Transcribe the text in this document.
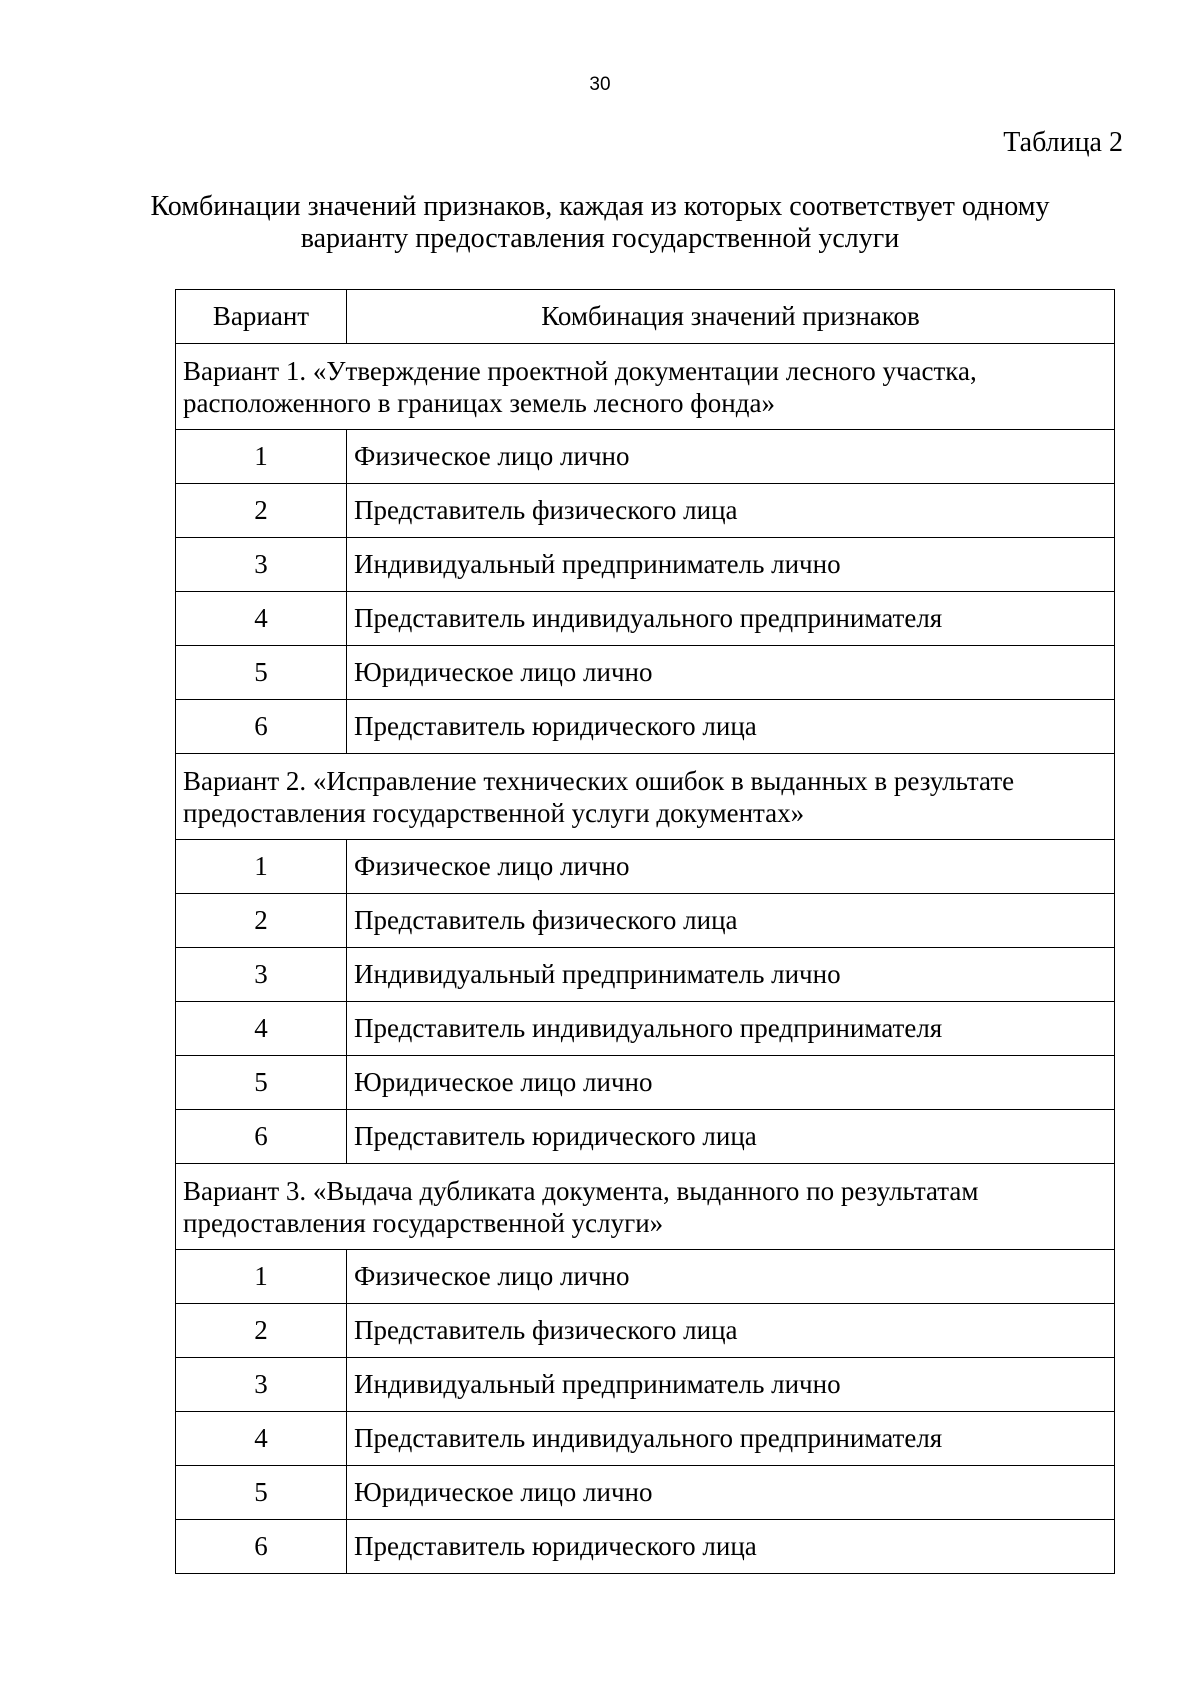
30
Таблица 2
Комбинации значений признаков, каждая из которых соответствует одному варианту предоставления государственной услуги
Вариант	Комбинация значений признаков
Вариант 1. «Утверждение проектной документации лесного участка, расположенного в границах земель лесного фонда»	
1	Физическое лицо лично
2	Представитель физического лица
3	Индивидуальный предприниматель лично
4	Представитель индивидуального предпринимателя
5	Юридическое лицо лично
6	Представитель юридического лица
Вариант 2. «Исправление технических ошибок в выданных в результате предоставления государственной услуги документах»	
1	Физическое лицо лично
2	Представитель физического лица
3	Индивидуальный предприниматель лично
4	Представитель индивидуального предпринимателя
5	Юридическое лицо лично
6	Представитель юридического лица
Вариант 3. «Выдача дубликата документа, выданного по результатам предоставления государственной услуги»	
1	Физическое лицо лично
2	Представитель физического лица
3	Индивидуальный предприниматель лично
4	Представитель индивидуального предпринимателя
5	Юридическое лицо лично
6	Представитель юридического лица
